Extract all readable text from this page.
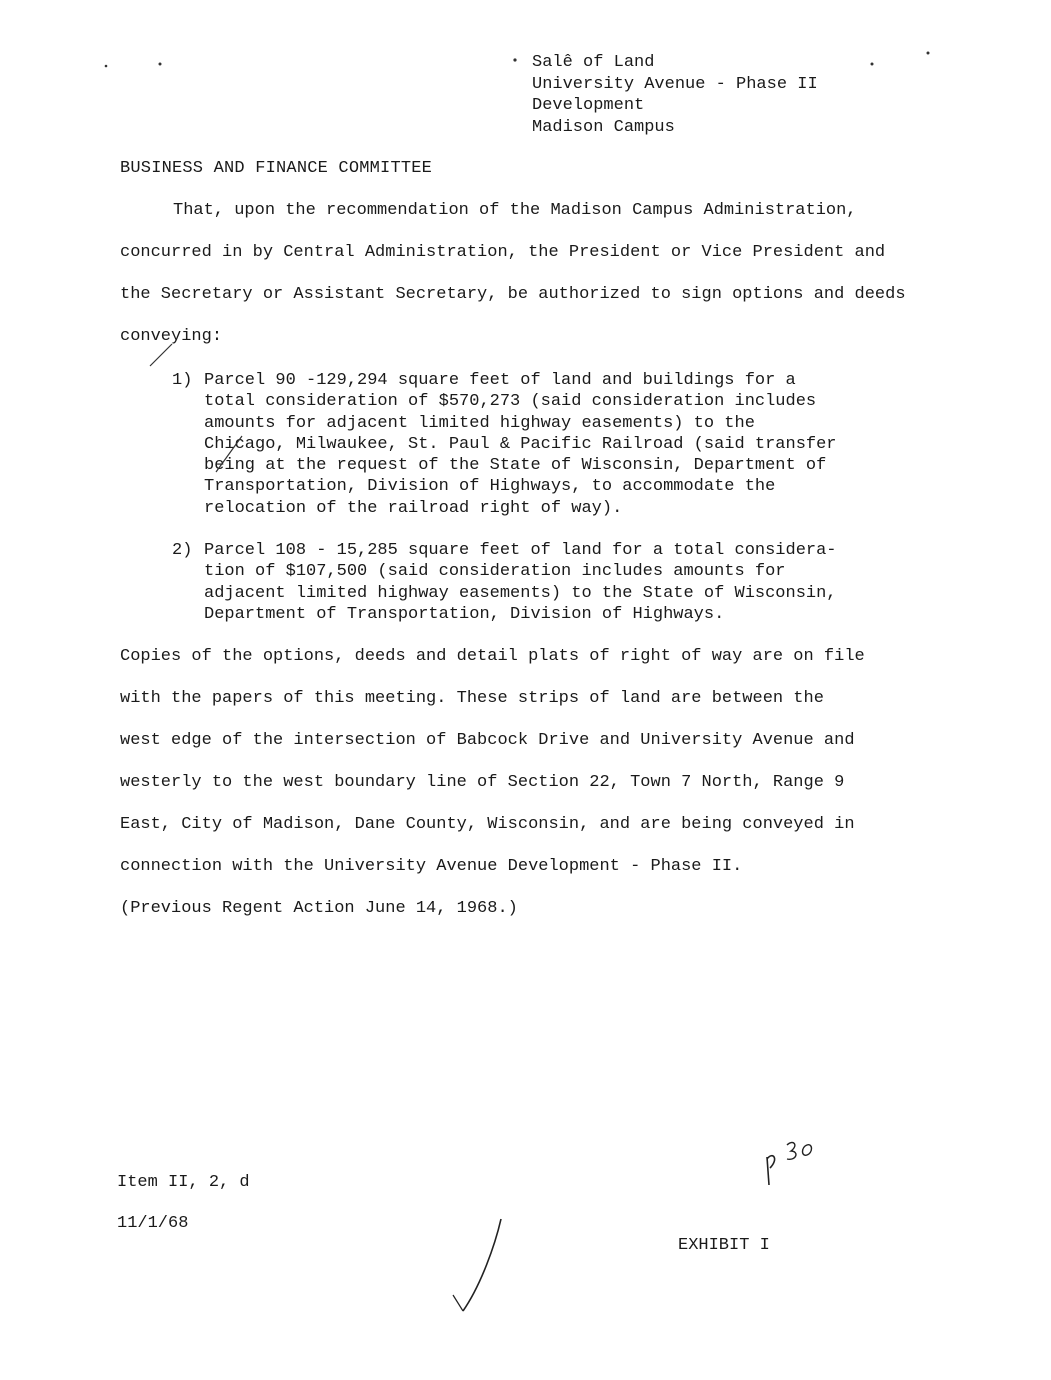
Salê of Land
University Avenue - Phase II
Development
Madison Campus
BUSINESS AND FINANCE COMMITTEE
That, upon the recommendation of the Madison Campus Administration,
concurred in by Central Administration, the President or Vice President and
the Secretary or Assistant Secretary, be authorized to sign options and deeds
conveying:
1) Parcel 90 -129,294 square feet of land and buildings for a
total consideration of $570,273 (said consideration includes
amounts for adjacent limited highway easements) to the
Chicago, Milwaukee, St. Paul & Pacific Railroad (said transfer
being at the request of the State of Wisconsin, Department of
Transportation, Division of Highways, to accommodate the
relocation of the railroad right of way).
2) Parcel 108 - 15,285 square feet of land for a total considera-
tion of $107,500 (said consideration includes amounts for
adjacent limited highway easements) to the State of Wisconsin,
Department of Transportation, Division of Highways.
Copies of the options, deeds and detail plats of right of way are on file
with the papers of this meeting. These strips of land are between the
west edge of the intersection of Babcock Drive and University Avenue and
westerly to the west boundary line of Section 22, Town 7 North, Range 9
East, City of Madison, Dane County, Wisconsin, and are being conveyed in
connection with the University Avenue Development - Phase II.
(Previous Regent Action June 14, 1968.)
Item II, 2, d
11/1/68
EXHIBIT I
